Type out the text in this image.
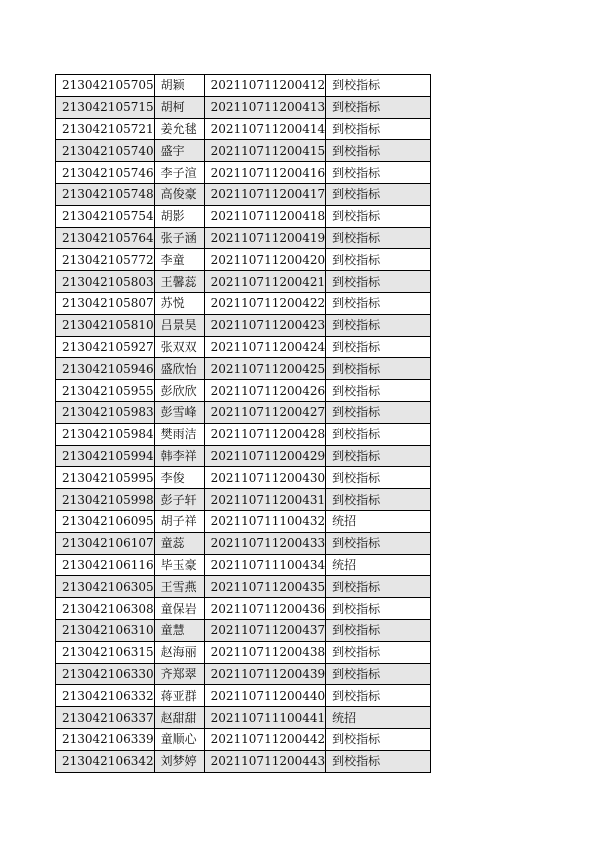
213042105705	胡颖	202110711200412	到校指标
213042105715	胡柯	202110711200413	到校指标
213042105721	姜允毬	202110711200414	到校指标
213042105740	盛宇	202110711200415	到校指标
213042105746	李子渲	202110711200416	到校指标
213042105748	高俊豪	202110711200417	到校指标
213042105754	胡影	202110711200418	到校指标
213042105764	张子涵	202110711200419	到校指标
213042105772	李童	202110711200420	到校指标
213042105803	王馨蕊	202110711200421	到校指标
213042105807	苏悦	202110711200422	到校指标
213042105810	吕景昊	202110711200423	到校指标
213042105927	张双双	202110711200424	到校指标
213042105946	盛欣怡	202110711200425	到校指标
213042105955	彭欣欣	202110711200426	到校指标
213042105983	彭雪峰	202110711200427	到校指标
213042105984	樊雨洁	202110711200428	到校指标
213042105994	韩李祥	202110711200429	到校指标
213042105995	李俊	202110711200430	到校指标
213042105998	彭子轩	202110711200431	到校指标
213042106095	胡子祥	202110711100432	统招
213042106107	童蕊	202110711200433	到校指标
213042106116	毕玉豪	202110711100434	统招
213042106305	王雪燕	202110711200435	到校指标
213042106308	童保岩	202110711200436	到校指标
213042106310	童慧	202110711200437	到校指标
213042106315	赵海丽	202110711200438	到校指标
213042106330	齐郑翠	202110711200439	到校指标
213042106332	蒋亚群	202110711200440	到校指标
213042106337	赵甜甜	202110711100441	统招
213042106339	童顺心	202110711200442	到校指标
213042106342	刘梦婷	202110711200443	到校指标
